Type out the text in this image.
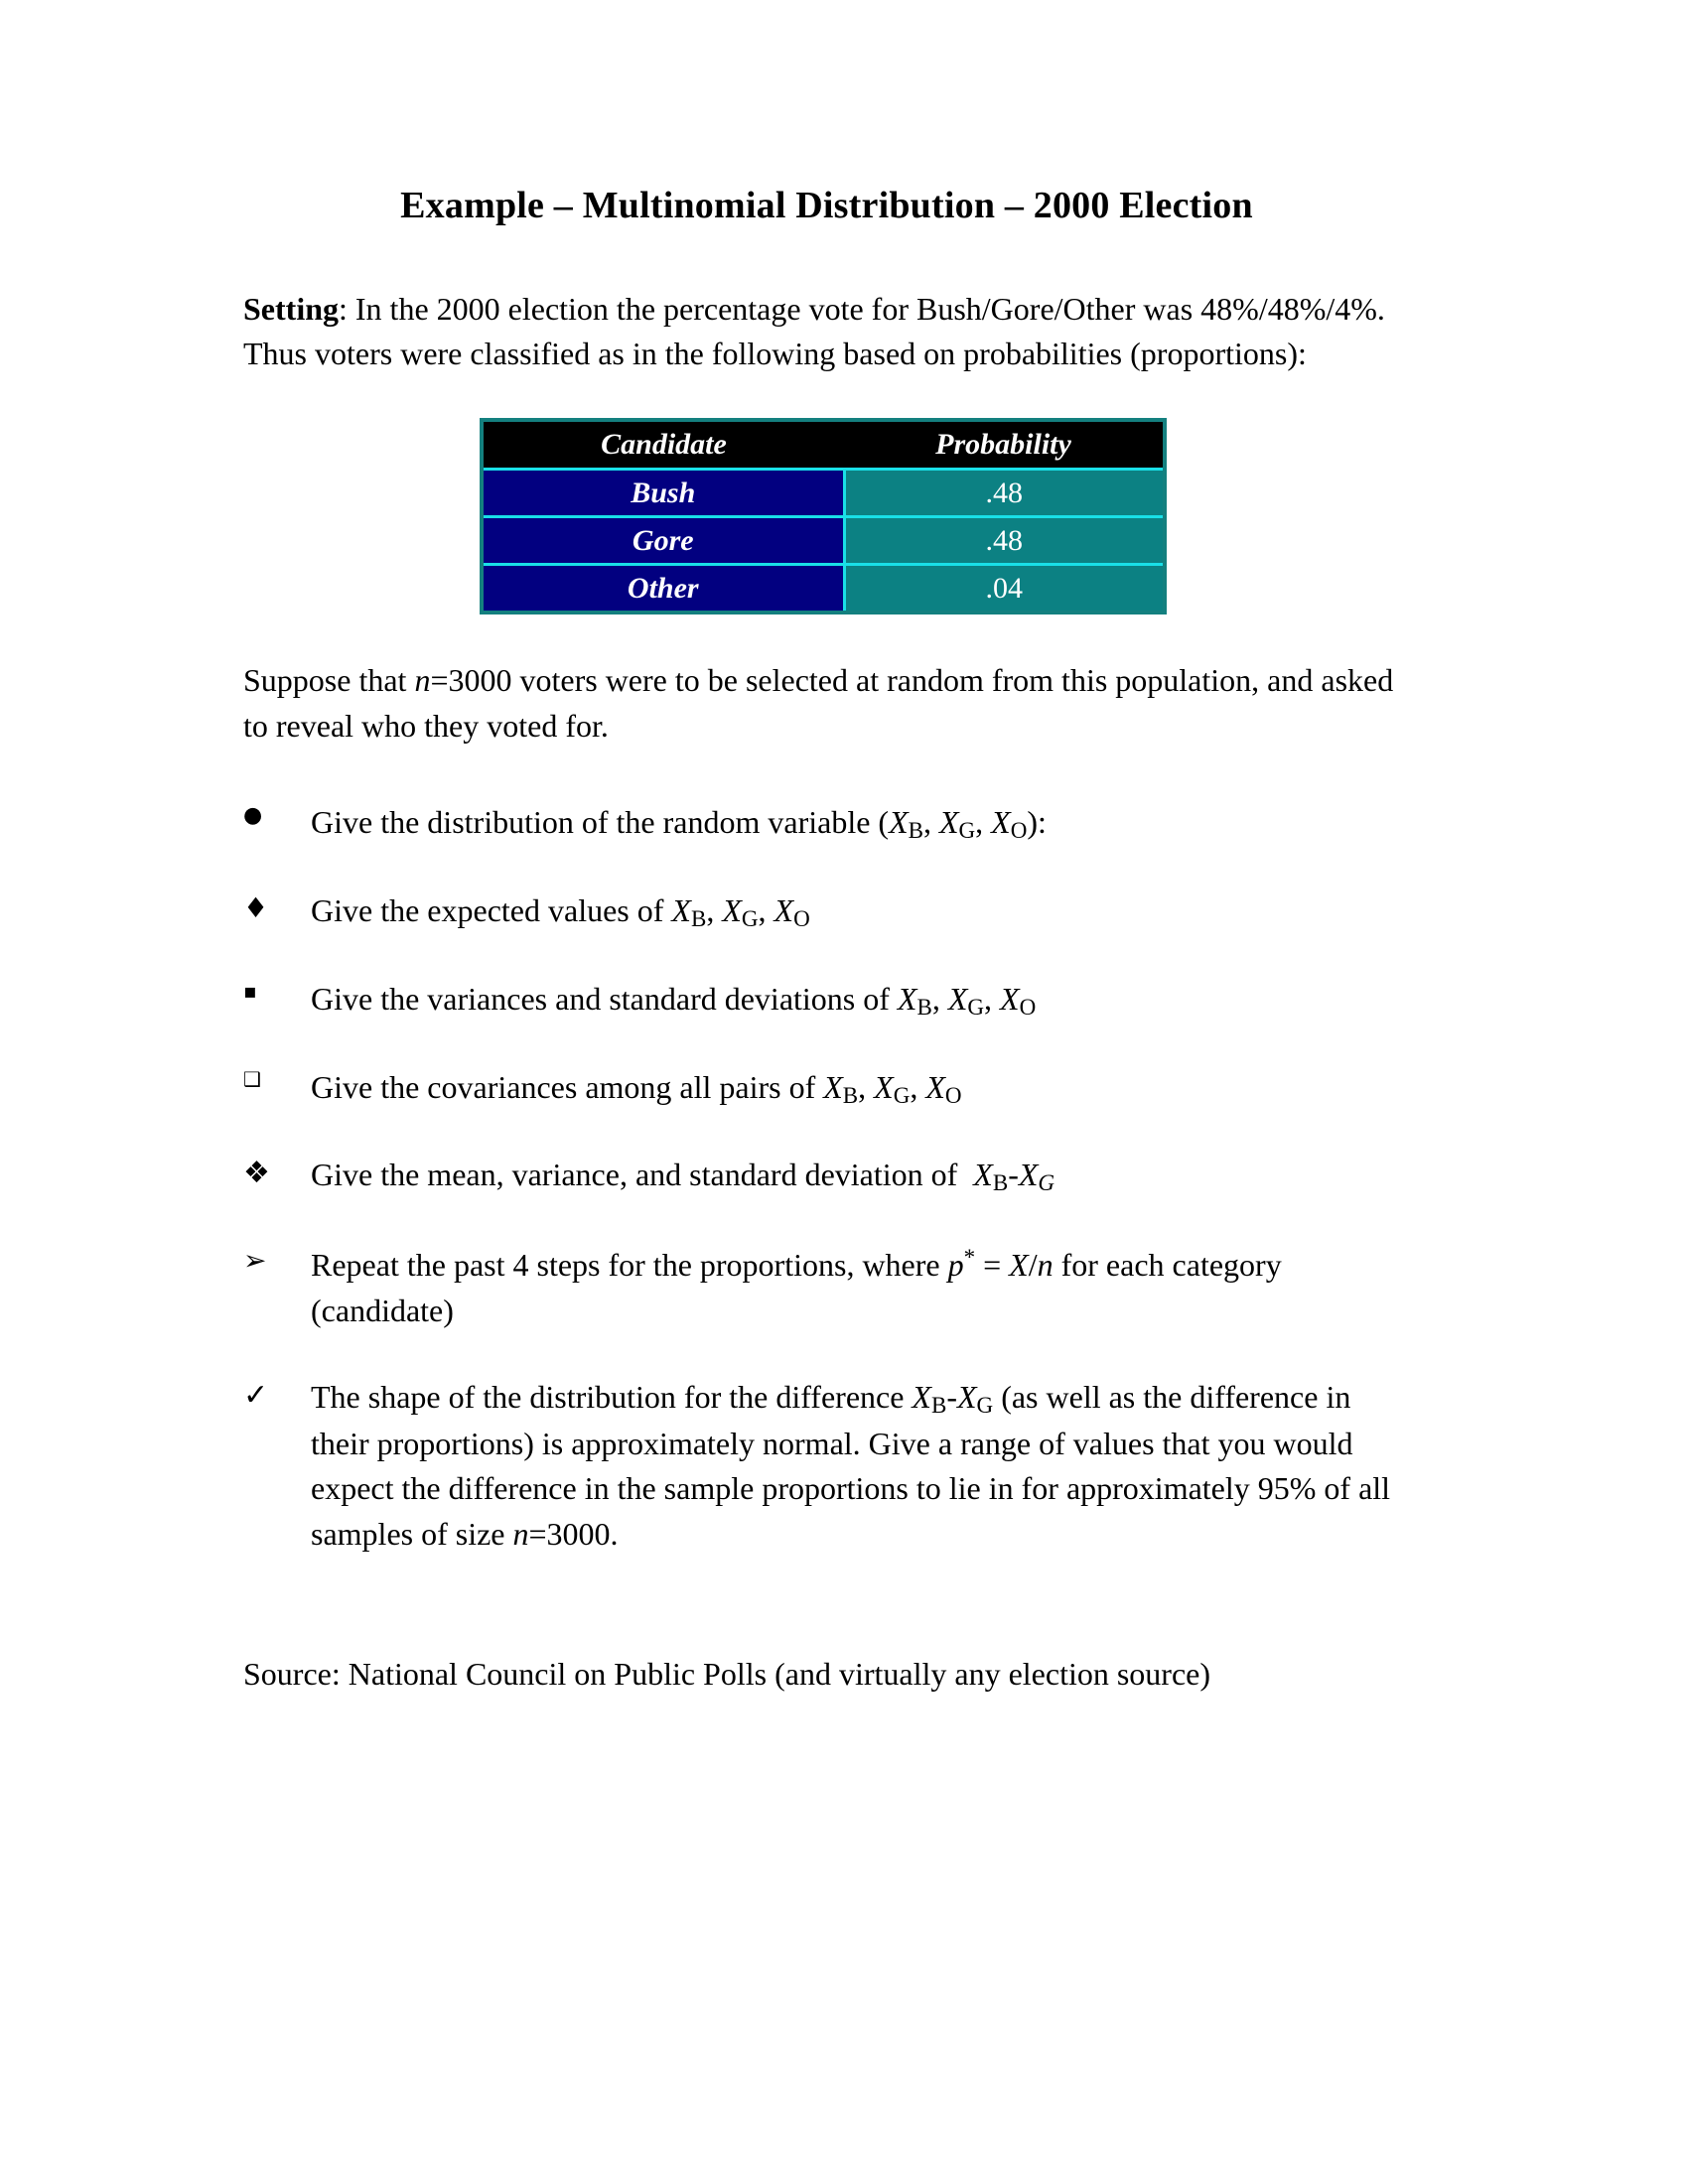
Example – Multinomial Distribution – 2000 Election

Setting: In the 2000 election the percentage vote for Bush/Gore/Other was 48%/48%/4%. Thus voters were classified as in the following based on probabilities (proportions):

Candidate	Probability
Bush	.48
Gore	.48
Other	.04

Suppose that n=3000 voters were to be selected at random from this population, and asked to reveal who they voted for.

●	Give the distribution of the random variable (XB, XG, XO):
♦	Give the expected values of XB, XG, XO
▪	Give the variances and standard deviations of XB, XG, XO
❑	Give the covariances among all pairs of XB, XG, XO
❖	Give the mean, variance, and standard deviation of  XB-XG
➢	Repeat the past 4 steps for the proportions, where p* = X/n for each category (candidate)
✓	The shape of the distribution for the difference XB-XG (as well as the difference in their proportions) is approximately normal. Give a range of values that you would expect the difference in the sample proportions to lie in for approximately 95% of all samples of size n=3000.

Source: National Council on Public Polls (and virtually any election source)
